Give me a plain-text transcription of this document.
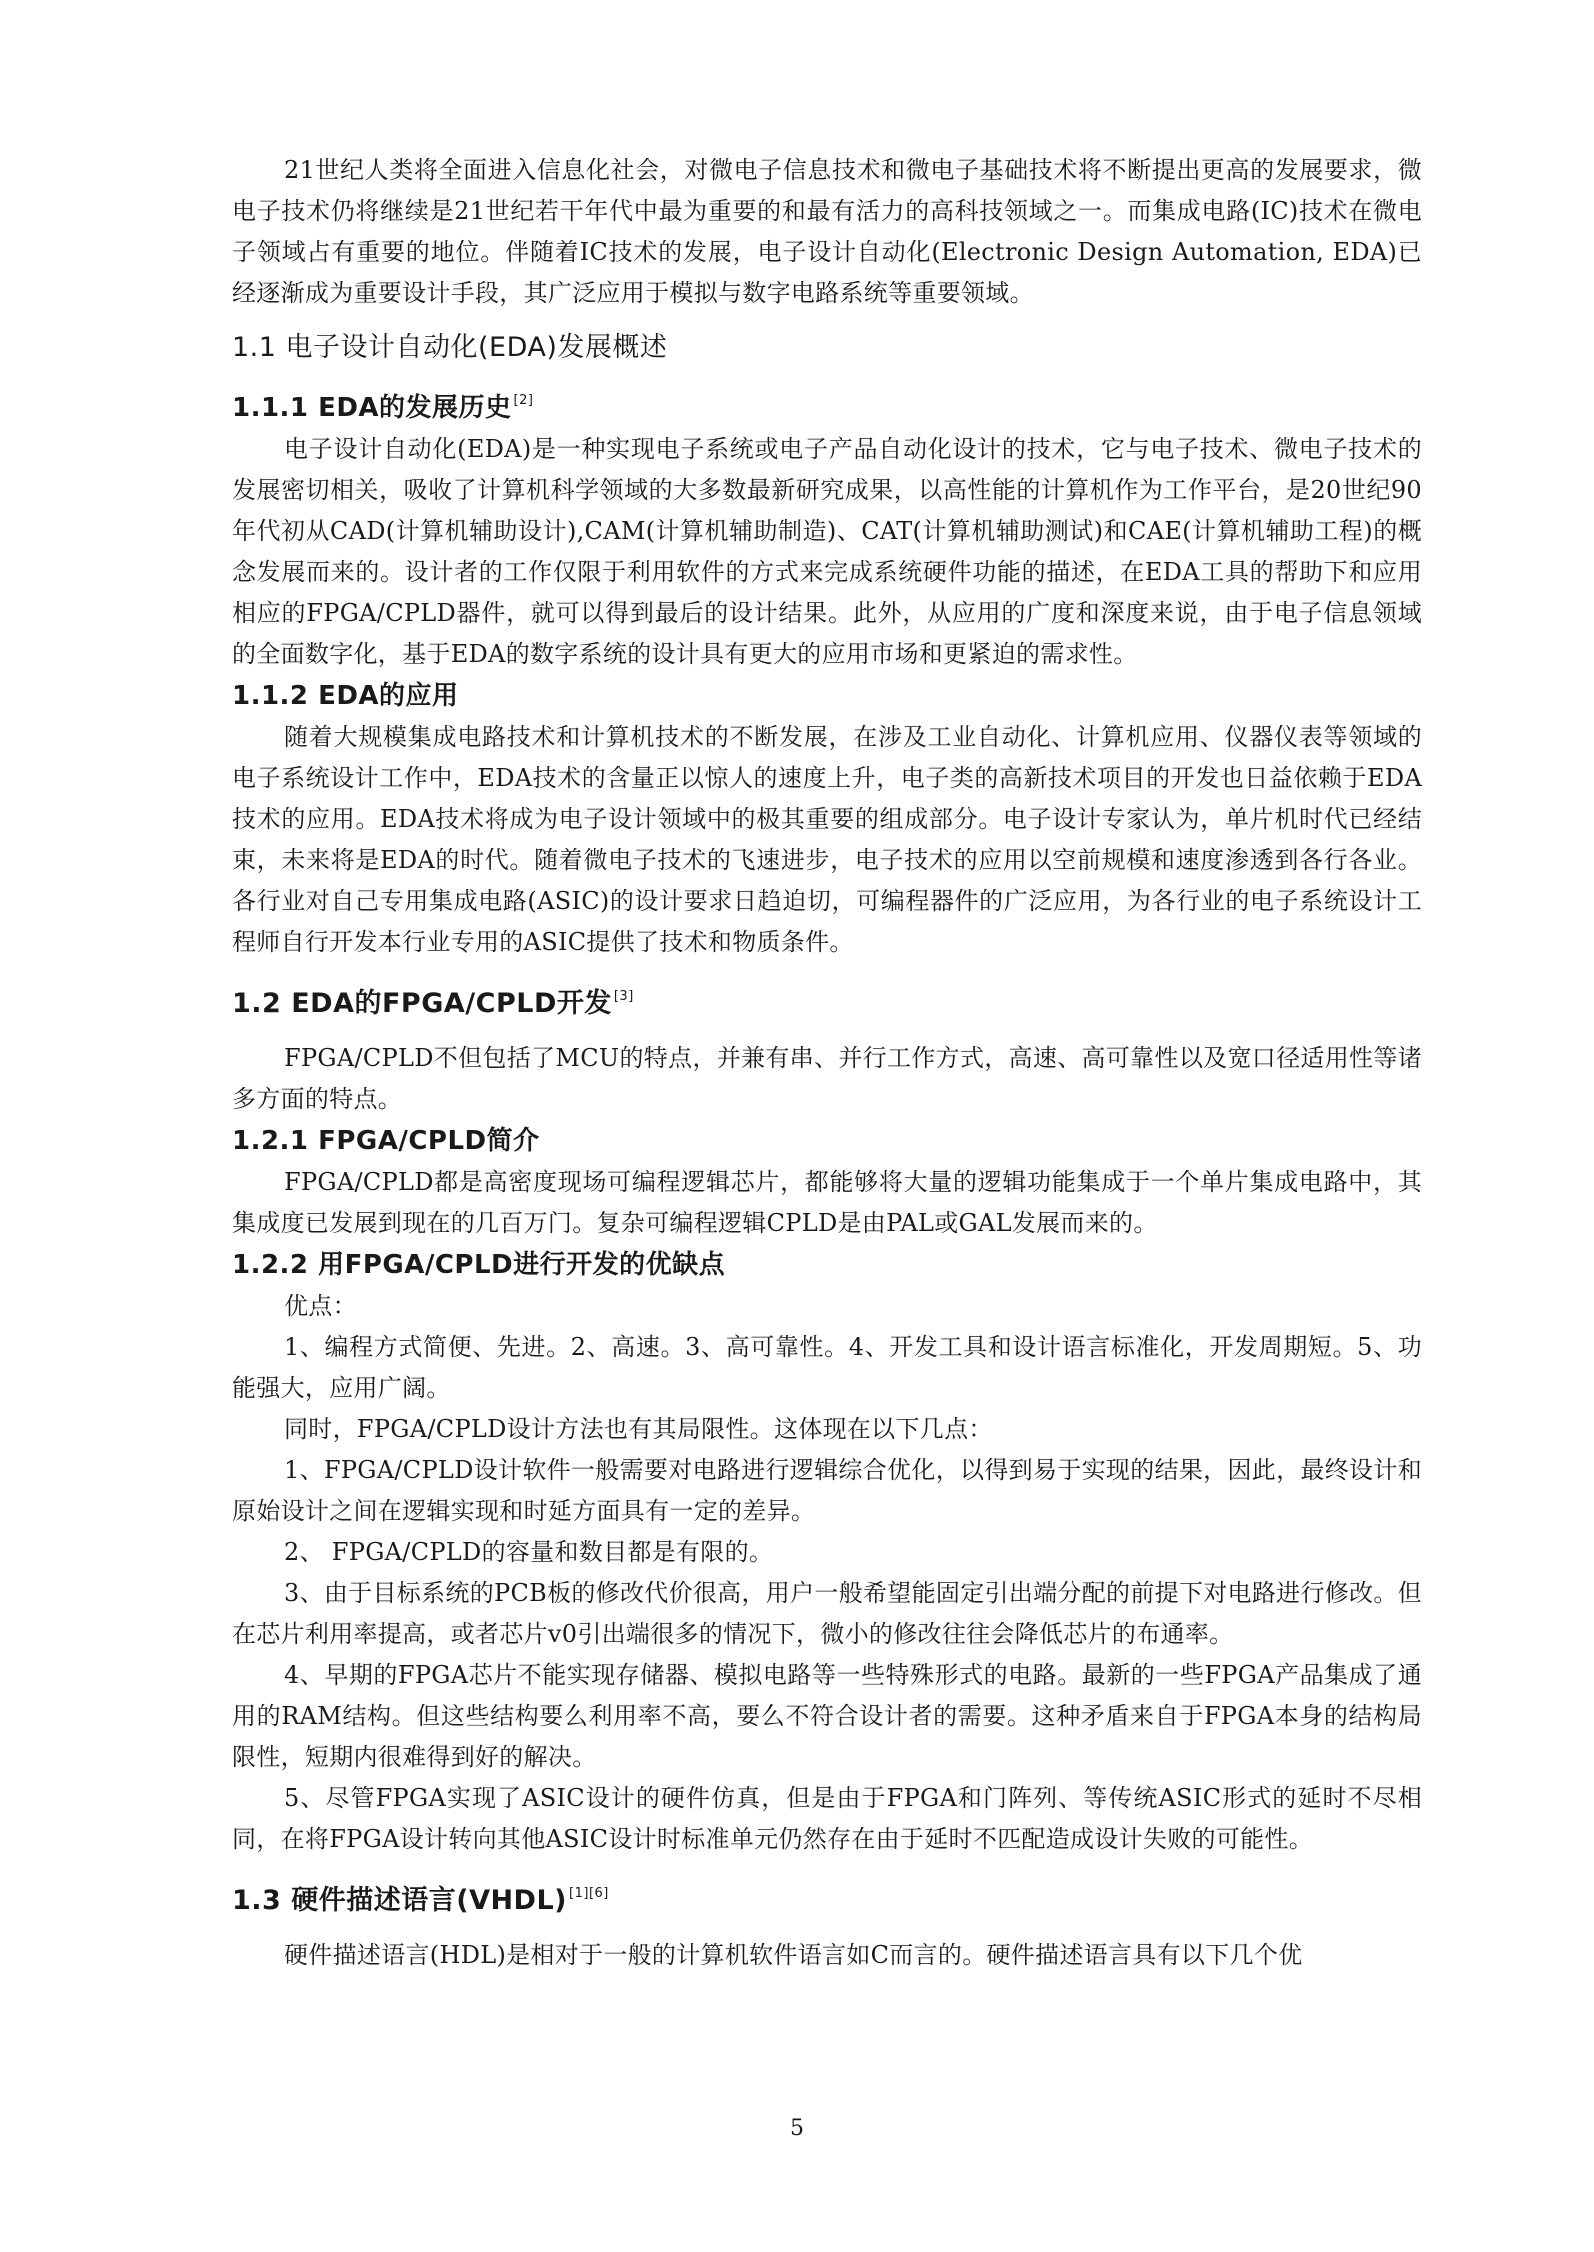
21世纪人类将全面进入信息化社会，对微电子信息技术和微电子基础技术将不断提出更高的发展要求，微电子技术仍将继续是21世纪若干年代中最为重要的和最有活力的高科技领域之一。而集成电路(IC)技术在微电子领域占有重要的地位。伴随着IC技术的发展，电子设计自动化(Electronic Design Automation, EDA)已经逐渐成为重要设计手段，其广泛应用于模拟与数字电路系统等重要领域。

1.1 电子设计自动化(EDA)发展概述
1.1.1 EDA的发展历史 [2]

电子设计自动化(EDA)是一种实现电子系统或电子产品自动化设计的技术，它与电子技术、微电子技术的发展密切相关，吸收了计算机科学领域的大多数最新研究成果，以高性能的计算机作为工作平台，是20世纪90年代初从CAD(计算机辅助设计),CAM(计算机辅助制造)、CAT(计算机辅助测试)和CAE(计算机辅助工程)的概念发展而来的。设计者的工作仅限于利用软件的方式来完成系统硬件功能的描述，在EDA工具的帮助下和应用相应的FPGA/CPLD器件，就可以得到最后的设计结果。此外，从应用的广度和深度来说，由于电子信息领域的全面数字化，基于EDA的数字系统的设计具有更大的应用市场和更紧迫的需求性。

1.1.2 EDA的应用

随着大规模集成电路技术和计算机技术的不断发展，在涉及工业自动化、计算机应用、仪器仪表等领域的电子系统设计工作中，EDA技术的含量正以惊人的速度上升，电子类的高新技术项目的开发也日益依赖于EDA技术的应用。EDA技术将成为电子设计领域中的极其重要的组成部分。电子设计专家认为，单片机时代已经结束，未来将是EDA的时代。随着微电子技术的飞速进步，电子技术的应用以空前规模和速度渗透到各行各业。各行业对自己专用集成电路(ASIC)的设计要求日趋迫切，可编程器件的广泛应用，为各行业的电子系统设计工程师自行开发本行业专用的ASIC提供了技术和物质条件。

1.2 EDA的FPGA/CPLD开发 [3]

FPGA/CPLD不但包括了MCU的特点，并兼有串、并行工作方式，高速、高可靠性以及宽口径适用性等诸多方面的特点。

1.2.1 FPGA/CPLD简介

FPGA/CPLD都是高密度现场可编程逻辑芯片，都能够将大量的逻辑功能集成于一个单片集成电路中，其集成度已发展到现在的几百万门。复杂可编程逻辑CPLD是由PAL或GAL发展而来的。

1.2.2 用FPGA/CPLD进行开发的优缺点

优点：

1、编程方式简便、先进。2、高速。3、高可靠性。4、开发工具和设计语言标准化，开发周期短。5、功能强大，应用广阔。

同时，FPGA/CPLD设计方法也有其局限性。这体现在以下几点：

1、FPGA/CPLD设计软件一般需要对电路进行逻辑综合优化，以得到易于实现的结果，因此，最终设计和原始设计之间在逻辑实现和时延方面具有一定的差异。

2、 FPGA/CPLD的容量和数目都是有限的。

3、由于目标系统的PCB板的修改代价很高，用户一般希望能固定引出端分配的前提下对电路进行修改。但在芯片利用率提高，或者芯片v0引出端很多的情况下，微小的修改往往会降低芯片的布通率。

4、早期的FPGA芯片不能实现存储器、模拟电路等一些特殊形式的电路。最新的一些FPGA产品集成了通用的RAM结构。但这些结构要么利用率不高，要么不符合设计者的需要。这种矛盾来自于FPGA本身的结构局限性，短期内很难得到好的解决。

5、尽管FPGA实现了ASIC设计的硬件仿真，但是由于FPGA和门阵列、等传统ASIC形式的延时不尽相同，在将FPGA设计转向其他ASIC设计时标准单元仍然存在由于延时不匹配造成设计失败的可能性。

1.3 硬件描述语言(VHDL) [1][6]

硬件描述语言(HDL)是相对于一般的计算机软件语言如C而言的。硬件描述语言具有以下几个优

5
